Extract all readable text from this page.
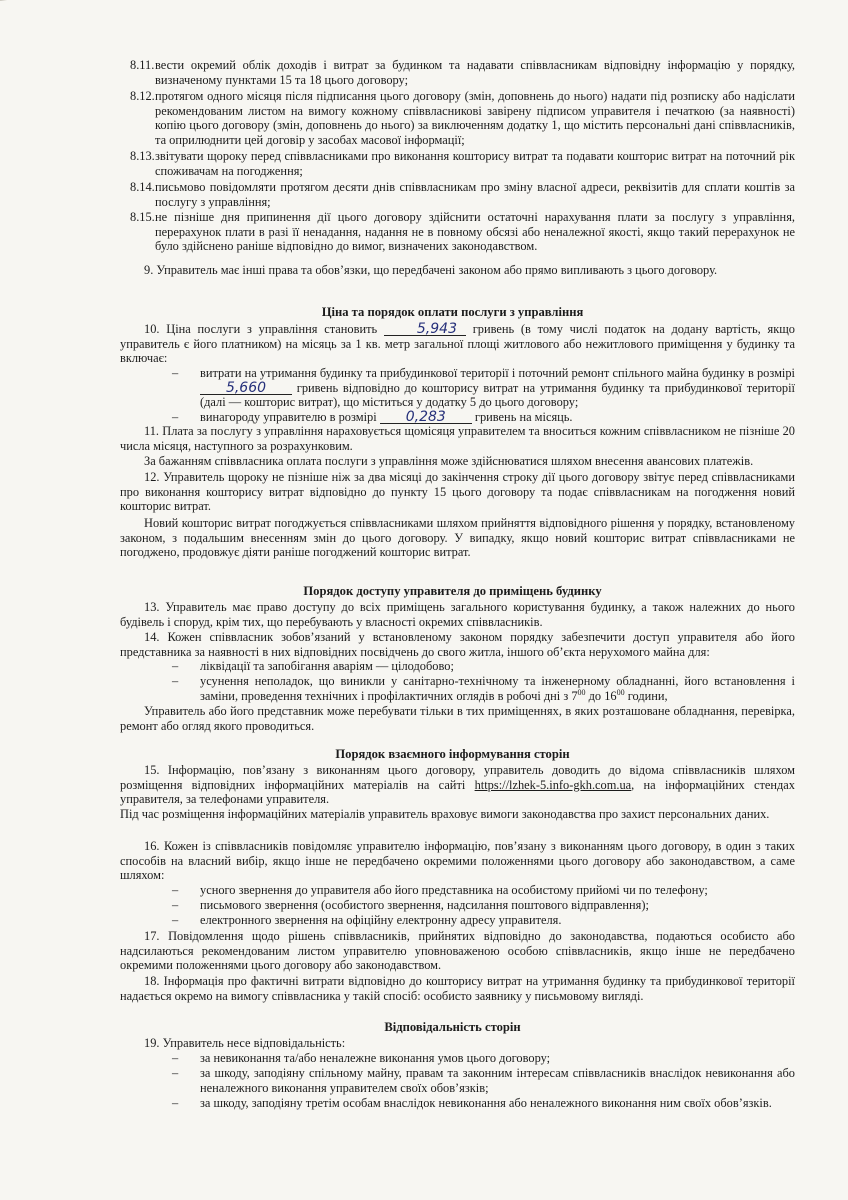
8.11. вести окремий облік доходів і витрат за будинком та надавати співвласникам відповідну інформацію у порядку, визначеному пунктами 15 та 18 цього договору;
8.12. протягом одного місяця після підписання цього договору (змін, доповнень до нього) надати під розписку або надіслати рекомендованим листом на вимогу кожному співвласникові завірену підписом управителя і печаткою (за наявності) копію цього договору (змін, доповнень до нього) за виключенням додатку 1, що містить персональні дані співвласників, та оприлюднити цей договір у засобах масової інформації;
8.13. звітувати щороку перед співвласниками про виконання кошторису витрат та подавати кошторис витрат на поточний рік споживачам на погодження;
8.14. письмово повідомляти протягом десяти днів співвласникам про зміну власної адреси, реквізитів для сплати коштів за послугу з управління;
8.15. не пізніше дня припинення дії цього договору здійснити остаточні нарахування плати за послугу з управління, перерахунок плати в разі її ненадання, надання не в повному обсязі або неналежної якості, якщо такий перерахунок не було здійснено раніше відповідно до вимог, визначених законодавством.
9. Управитель має інші права та обов’язки, що передбачені законом або прямо випливають з цього договору.
Ціна та порядок оплати послуги з управління
10. Ціна послуги з управління становить	5,943 гривень (в тому числі податок на додану вартість, якщо управитель є його платником) на місяць за 1 кв. метр загальної площі житлового або нежитлового приміщення у будинку та включає:
– витрати на утримання будинку та прибудинкової території і поточний ремонт спільного майна будинку в розмірі 5,660 гривень відповідно до кошторису витрат на утримання будинку та прибудинкової території (далі — кошторис витрат), що міститься у додатку 5 до цього договору;
– винагороду управителю в розмірі 0,283 гривень на місяць.
11. Плата за послугу з управління нараховується щомісяця управителем та вноситься кожним співвласником не пізніше 20 числа місяця, наступного за розрахунковим.
За бажанням співвласника оплата послуги з управління може здійснюватися шляхом внесення авансових платежів.
12. Управитель щороку не пізніше ніж за два місяці до закінчення строку дії цього договору звітує перед співвласниками про виконання кошторису витрат відповідно до пункту 15 цього договору та подає співвласникам на погодження новий кошторис витрат.
Новий кошторис витрат погоджується співвласниками шляхом прийняття відповідного рішення у порядку, встановленому законом, з подальшим внесенням змін до цього договору. У випадку, якщо новий кошторис витрат співвласниками не погоджено, продовжує діяти раніше погоджений кошторис витрат.
Порядок доступу управителя до приміщень будинку
13. Управитель має право доступу до всіх приміщень загального користування будинку, а також належних до нього будівель і споруд, крім тих, що перебувають у власності окремих співвласників.
14. Кожен співвласник зобов’язаний у встановленому законом порядку забезпечити доступ управителя або його представника за наявності в них відповідних посвідчень до свого житла, іншого об’єкта нерухомого майна для:
– ліквідації та запобігання аваріям — цілодобово;
– усунення неполадок, що виникли у санітарно-технічному та інженерному обладнанні, його встановлення і заміни, проведення технічних і профілактичних оглядів в робочі дні з $7^{00}$ до $16^{00}$ години,
Управитель або його представник може перебувати тільки в тих приміщеннях, в яких розташоване обладнання, перевірка, ремонт або огляд якого проводиться.
Порядок взаємного інформування сторін
15. Інформацію, пов’язану з виконанням цього договору, управитель доводить до відома співвласників шляхом розміщення відповідних інформаційних матеріалів на сайті https://lzhek-5.info-gkh.com.ua, на інформаційних стендах управителя, за телефонами управителя.
Під час розміщення інформаційних матеріалів управитель враховує вимоги законодавства про захист персональних даних.
16. Кожен із співвласників повідомляє управителю інформацію, пов’язану з виконанням цього договору, в один з таких способів на власний вибір, якщо інше не передбачено окремими положеннями цього договору або законодавством, а саме шляхом:
– усного звернення до управителя або його представника на особистому прийомі чи по телефону;
– письмового звернення (особистого звернення, надсилання поштового відправлення);
– електронного звернення на офіційну електронну адресу управителя.
17. Повідомлення щодо рішень співвласників, прийнятих відповідно до законодавства, подаються особисто або надсилаються рекомендованим листом управителю уповноваженою особою співвласників, якщо інше не передбачено окремими положеннями цього договору або законодавством.
18. Інформація про фактичні витрати відповідно до кошторису витрат на утримання будинку та прибудинкової території надається окремо на вимогу співвласника у такій спосіб: особисто заявнику у письмовому вигляді.
Відповідальність сторін
19. Управитель несе відповідальність:
– за невиконання та/або неналежне виконання умов цього договору;
– за шкоду, заподіяну спільному майну, правам та законним інтересам співвласників внаслідок невиконання або неналежного виконання управителем своїх обов’язків;
– за шкоду, заподіяну третім особам внаслідок невиконання або неналежного виконання ним своїх обов’язків.
